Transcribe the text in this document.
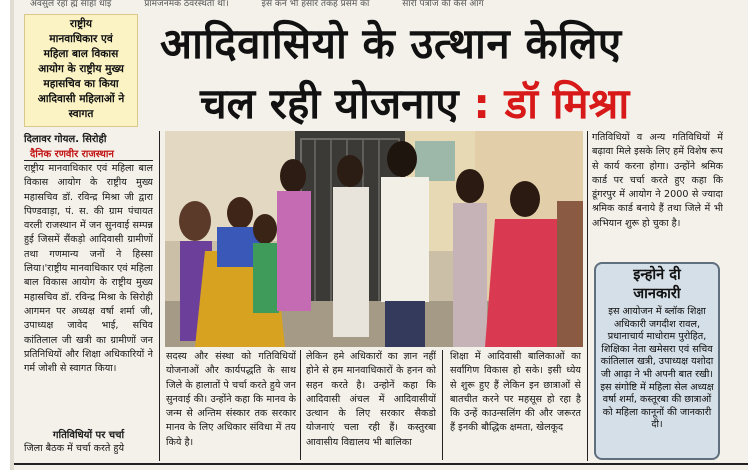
ॲवसुल रहा ह्म साहा धाइ	प्रामजनमक ठवरस्थता था।	इस कन भी हसार तकह प्रसम का	सारी पत्रोज की कैसे आग
राष्ट्रीय
मानवाधिकार एवं
महिला बाल विकास
आयोग के राष्ट्रीय मुख्य
महासचिव का किया
आदिवासी महिलाओं ने
स्वागत
आदिवासियो के उत्थान केलिए
चल रही योजनाए : डॉ मिश्रा
दिलावर गोयल. सिरोही
दैनिक रणवीर राजस्थान
राष्ट्रीय मानवाधिकार एवं महिला बाल विकास आयोग के राष्ट्रीय मुख्य महासचिव डॉ. रविन्द्र मिश्रा जी द्वारा पिण्डवाड़ा, पं. स. की ग्राम पंचायत वरली राजस्थान में जन सुनवाई सम्पन्न हुई जिसमें सैंकड़ो आदिवासी ग्रामीणों तथा गणमान्य जनों ने हिस्सा लिया।'राष्ट्रीय मानवाधिकार एवं महिला बाल विकास आयोग के राष्ट्रीय मुख्य महासचिव डॉ. रविन्द्र मिश्रा के सिरोही आगमन पर अध्यक्ष वर्षा शर्मा जी, उपाध्यक्ष जावेद भाई, सचिव कांतिलाल जी खत्री का ग्रामीणों जन प्रतिनिधियों और शिक्षा अधिकारियों ने गर्म जोशी से स्वागत किया।
गतिविधियों पर चर्चा
जिला बैठक में चर्चा करते हुये
सदस्य और संस्था को गतिविधियों योजनाओं और कार्यपद्धति के साथ जिले के हालातों पे चर्चा करते हुये जन सुनवाई की। उन्होंने कहा कि मानव के जन्म से अन्तिम संस्कार तक सरकार मानव के लिए अधिकार संविधा में तय किये है।
लेकिन हमे अधिकारों का ज्ञान नहीं होने से हम मानवाधिकारों के हनन को सहन करते है। उन्होनें कहा कि आदिवासी अंचल में आदिवासीयों उत्थान के लिए सरकार सैकडो योजनाएं चला रही हैं। कस्तुरबा आवासीय विद्यालय भी बालिका
शिक्षा में आदिवासी बालिकाओं का सर्वांगिण विकास हो सके। इसी ध्येय से शुरू हुए हैं लेकिन इन छात्राओं से बातचीत करने पर महसूस हो रहा है कि उन्हें काउन्सलिंग की और जरूरत हैं इनकी बौद्धिक क्षमता, खेलकूद
गतिविधियों व अन्य गतिविधियों में बढ़ावा मिले इसके लिए हमें विशेष रूप से कार्य करना होगा। उन्होंने श्रमिक कार्ड पर चर्चा करते हुए कहा कि डूंगरपुर में आयोग ने 2000 से ज्यादा श्रमिक कार्ड बनाये हैं तथा जिले में भी अभियान शुरू हो चुका है।
इन्होने दी
जानकारी
इस आयोजन में ब्लॉक शिक्षा अधिकारी जगदीश रावल, प्रधानाचार्य माधोराम पुरोहित, शिक्षिका नेता खमेसरा एवं सचिव कांतिलाल खत्री, उपाध्यक्ष यशोदा जी आढ़ा ने भी अपनी बात रखी। इस संगोष्टि में महिला सेल अध्यक्ष वर्षा शर्मा, कस्तूरबा की छात्राओं को महिला कानूनों की जानकारी दी।
